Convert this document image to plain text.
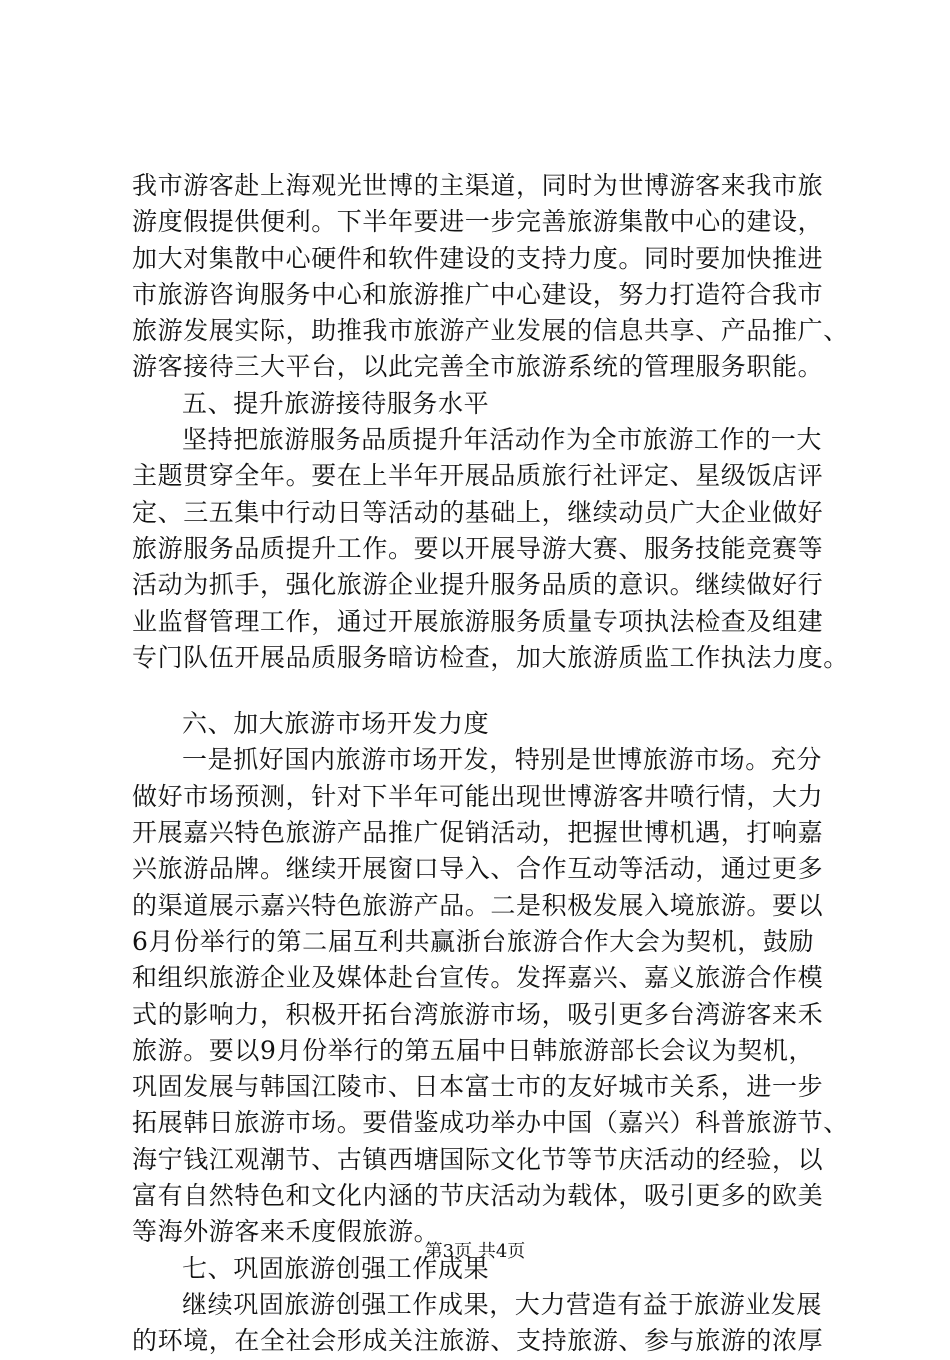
我市游客赴上海观光世博的主渠道，同时为世博游客来我市旅
游度假提供便利。下半年要进一步完善旅游集散中心的建设，
加大对集散中心硬件和软件建设的支持力度。同时要加快推进
市旅游咨询服务中心和旅游推广中心建设，努力打造符合我市
旅游发展实际，助推我市旅游产业发展的信息共享、产品推广、
游客接待三大平台，以此完善全市旅游系统的管理服务职能。
五、提升旅游接待服务水平
坚持把旅游服务品质提升年活动作为全市旅游工作的一大
主题贯穿全年。要在上半年开展品质旅行社评定、星级饭店评
定、三五集中行动日等活动的基础上，继续动员广大企业做好
旅游服务品质提升工作。要以开展导游大赛、服务技能竞赛等
活动为抓手，强化旅游企业提升服务品质的意识。继续做好行
业监督管理工作，通过开展旅游服务质量专项执法检查及组建
专门队伍开展品质服务暗访检查，加大旅游质监工作执法力度。
六、加大旅游市场开发力度
一是抓好国内旅游市场开发，特别是世博旅游市场。充分
做好市场预测，针对下半年可能出现世博游客井喷行情，大力
开展嘉兴特色旅游产品推广促销活动，把握世博机遇，打响嘉
兴旅游品牌。继续开展窗口导入、合作互动等活动，通过更多
的渠道展示嘉兴特色旅游产品。二是积极发展入境旅游。要以
6月份举行的第二届互利共赢浙台旅游合作大会为契机，鼓励
和组织旅游企业及媒体赴台宣传。发挥嘉兴、嘉义旅游合作模
式的影响力，积极开拓台湾旅游市场，吸引更多台湾游客来禾
旅游。要以9月份举行的第五届中日韩旅游部长会议为契机，
巩固发展与韩国江陵市、日本富士市的友好城市关系，进一步
拓展韩日旅游市场。要借鉴成功举办中国（嘉兴）科普旅游节、
海宁钱江观潮节、古镇西塘国际文化节等节庆活动的经验，以
富有自然特色和文化内涵的节庆活动为载体，吸引更多的欧美
等海外游客来禾度假旅游。
七、巩固旅游创强工作成果
继续巩固旅游创强工作成果，大力营造有益于旅游业发展
的环境，在全社会形成关注旅游、支持旅游、参与旅游的浓厚
第3页 共4页
